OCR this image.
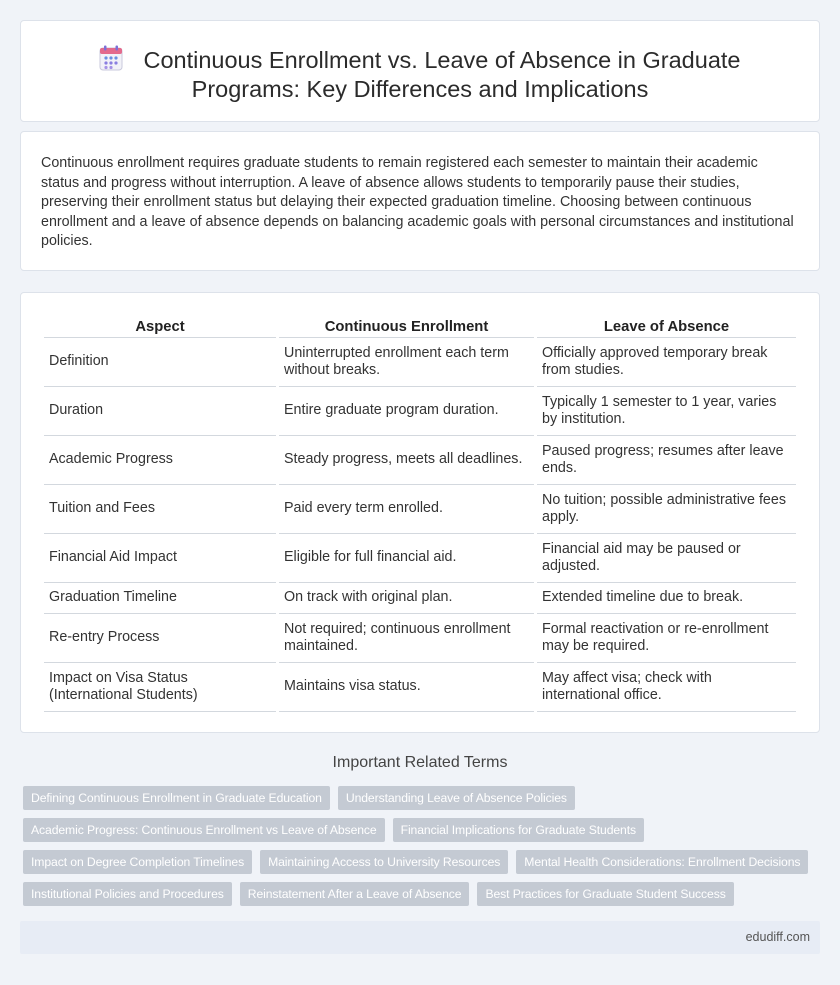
Continuous Enrollment vs. Leave of Absence in Graduate Programs: Key Differences and Implications

Continuous enrollment requires graduate students to remain registered each semester to maintain their academic status and progress without interruption. A leave of absence allows students to temporarily pause their studies, preserving their enrollment status but delaying their expected graduation timeline. Choosing between continuous enrollment and a leave of absence depends on balancing academic goals with personal circumstances and institutional policies.

Aspect	Continuous Enrollment	Leave of Absence
Definition	Uninterrupted enrollment each term without breaks.	Officially approved temporary break from studies.
Duration	Entire graduate program duration.	Typically 1 semester to 1 year, varies by institution.
Academic Progress	Steady progress, meets all deadlines.	Paused progress; resumes after leave ends.
Tuition and Fees	Paid every term enrolled.	No tuition; possible administrative fees apply.
Financial Aid Impact	Eligible for full financial aid.	Financial aid may be paused or adjusted.
Graduation Timeline	On track with original plan.	Extended timeline due to break.
Re-entry Process	Not required; continuous enrollment maintained.	Formal reactivation or re-enrollment may be required.
Impact on Visa Status (International Students)	Maintains visa status.	May affect visa; check with international office.
Important Related Terms
Defining Continuous Enrollment in Graduate Education	Understanding Leave of Absence Policies
Academic Progress: Continuous Enrollment vs Leave of Absence	Financial Implications for Graduate Students
Impact on Degree Completion Timelines	Maintaining Access to University Resources	Mental Health Considerations: Enrollment Decisions
Institutional Policies and Procedures	Reinstatement After a Leave of Absence	Best Practices for Graduate Student Success
edudiff.com
